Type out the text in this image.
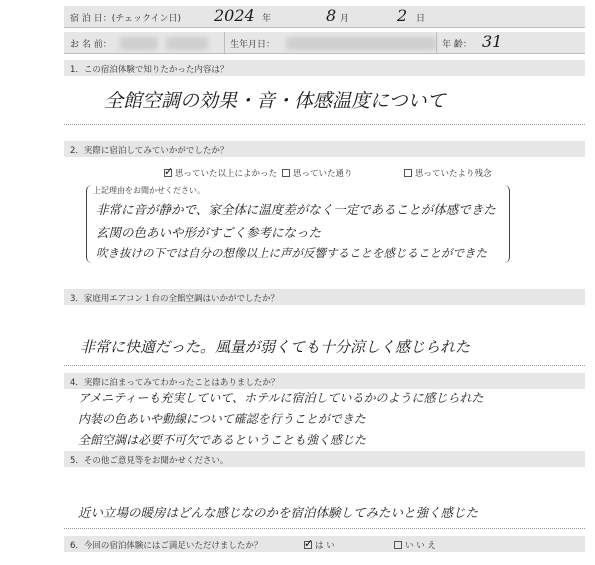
宿 泊 日：(チェックイン日) 2024 年	8 月	2 日
お 名 前：	生年月日：	年 齢： 31
1．この宿泊体験で知りたかった内容は？
全館空調の効果・音・体感温度について
2．実際に宿泊してみていかがでしたか？
✓ 思っていた以上によかった	思っていた通り	思っていたより残念
上記理由をお聞かせください。
非常に音が静かで、家全体に温度差がなく一定であることが体感できた
玄関の色あいや形がすごく参考になった
吹き抜けの下では自分の想像以上に声が反響することを感じることができた
3．家庭用エアコン１台の全館空調はいかがでしたか？
非常に快適だった。風量が弱くても十分涼しく感じられた
4．実際に泊まってみてわかったことはありましたか？
アメニティーも充実していて、ホテルに宿泊しているかのように感じられた
内装の色あいや動線について確認を行うことができた
全館空調は必要不可欠であるということも強く感じた
5．その他ご意見等をお聞かせください。
近い立場の暖房はどんな感じなのかを宿泊体験してみたいと強く感じた
6．今回の宿泊体験にはご満足いただけましたか？	✓ は い	い い え
